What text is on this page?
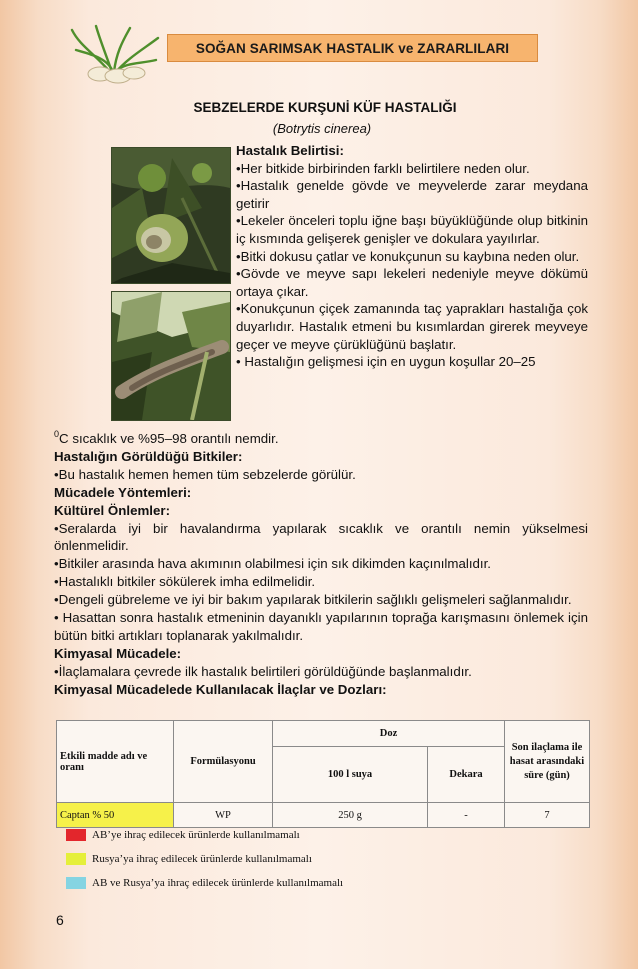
SOĞAN SARIMSAK HASTALIK ve ZARARLILARI
SEBZELERDE KURŞUNİ KÜF HASTALIĞI
(Botrytis cinerea)

Hastalık Belirtisi:

•Her bitkide birbirinden farklı belirtilere neden olur.

•Hastalık genelde gövde ve meyvelerde zarar meydana getirir

•Lekeler önceleri toplu iğne başı büyüklüğünde olup bitkinin iç kısmında gelişerek genişler ve dokulara yayılırlar.

•Bitki dokusu çatlar ve konukçunun su kaybına neden olur.

•Gövde ve meyve sapı lekeleri nedeniyle meyve dökümü ortaya çıkar.

•Konukçunun çiçek zamanında taç yaprakları hastalığa çok duyarlıdır. Hastalık etmeni bu kısımlardan girerek meyveye geçer ve meyve çürüklüğünü başlatır.

• Hastalığın gelişmesi için en uygun koşullar 20–25

$^0$C sıcaklık ve %95–98 orantılı nemdir.

Hastalığın Görüldüğü Bitkiler:

•Bu hastalık hemen hemen tüm sebzelerde görülür.

Mücadele Yöntemleri:

Kültürel Önlemler:

•Seralarda iyi bir havalandırma yapılarak sıcaklık ve orantılı nemin yükselmesi önlenmelidir.

•Bitkiler arasında hava akımının olabilmesi için sık dikimden kaçınılmalıdır.

•Hastalıklı bitkiler sökülerek imha edilmelidir.

•Dengeli gübreleme ve iyi bir bakım yapılarak bitkilerin sağlıklı gelişmeleri sağlanmalıdır.

• Hasattan sonra hastalık etmeninin dayanıklı yapılarının toprağa karışmasını önlemek için bütün bitki artıkları toplanarak yakılmalıdır.

Kimyasal Mücadele:

•İlaçlamalara çevrede ilk hastalık belirtileri görüldüğünde başlanmalıdır.

Kimyasal Mücadelede Kullanılacak İlaçlar ve Dozları:

Etkili madde adı ve oranı	Formülasyonu	Doz		Son ilaçlama ile hasat arasındaki süre (gün)
		100 l suya	Dekara	
Captan % 50	WP	250 g	-	7
AB’ye ihraç edilecek ürünlerde kullanılmamalı
Rusya’ya ihraç edilecek ürünlerde kullanılmamalı
AB ve Rusya’ya ihraç edilecek ürünlerde kullanılmamalı
6
